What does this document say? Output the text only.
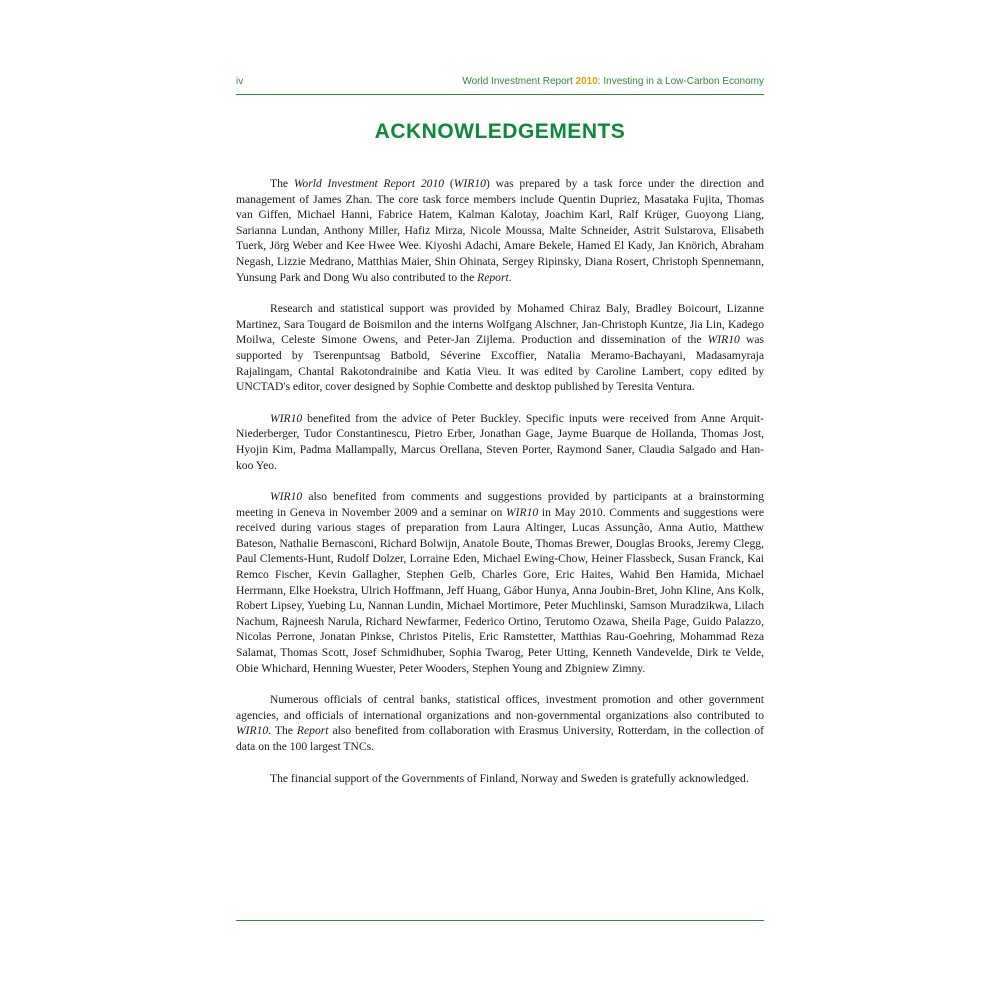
iv	World Investment Report 2010: Investing in a Low-Carbon Economy
ACKNOWLEDGEMENTS

The World Investment Report 2010 (WIR10) was prepared by a task force under the direction and management of James Zhan. The core task force members include Quentin Dupriez, Masataka Fujita, Thomas van Giffen, Michael Hanni, Fabrice Hatem, Kalman Kalotay, Joachim Karl, Ralf Krüger, Guoyong Liang, Sarianna Lundan, Anthony Miller, Hafiz Mirza, Nicole Moussa, Malte Schneider, Astrit Sulstarova, Elisabeth Tuerk, Jörg Weber and Kee Hwee Wee. Kiyoshi Adachi, Amare Bekele, Hamed El Kady, Jan Knörich, Abraham Negash, Lizzie Medrano, Matthias Maier, Shin Ohinata, Sergey Ripinsky, Diana Rosert, Christoph Spennemann, Yunsung Park and Dong Wu also contributed to the Report.

Research and statistical support was provided by Mohamed Chiraz Baly, Bradley Boicourt, Lizanne Martinez, Sara Tougard de Boismilon and the interns Wolfgang Alschner, Jan-Christoph Kuntze, Jia Lin, Kadego Moilwa, Celeste Simone Owens, and Peter-Jan Zijlema. Production and dissemination of the WIR10 was supported by Tserenpuntsag Batbold, Séverine Excoffier, Natalia Meramo-Bachayani, Madasamyraja Rajalingam, Chantal Rakotondrainibe and Katia Vieu. It was edited by Caroline Lambert, copy edited by UNCTAD's editor, cover designed by Sophie Combette and desktop published by Teresita Ventura.

WIR10 benefited from the advice of Peter Buckley. Specific inputs were received from Anne Arquit-Niederberger, Tudor Constantinescu, Pietro Erber, Jonathan Gage, Jayme Buarque de Hollanda, Thomas Jost, Hyojin Kim, Padma Mallampally, Marcus Orellana, Steven Porter, Raymond Saner, Claudia Salgado and Han-koo Yeo.

WIR10 also benefited from comments and suggestions provided by participants at a brainstorming meeting in Geneva in November 2009 and a seminar on WIR10 in May 2010. Comments and suggestions were received during various stages of preparation from Laura Altinger, Lucas Assunção, Anna Autio, Matthew Bateson, Nathalie Bernasconi, Richard Bolwijn, Anatole Boute, Thomas Brewer, Douglas Brooks, Jeremy Clegg, Paul Clements-Hunt, Rudolf Dolzer, Lorraine Eden, Michael Ewing-Chow, Heiner Flassbeck, Susan Franck, Kai Remco Fischer, Kevin Gallagher, Stephen Gelb, Charles Gore, Eric Haites, Wahid Ben Hamida, Michael Herrmann, Elke Hoekstra, Ulrich Hoffmann, Jeff Huang, Gábor Hunya, Anna Joubin-Bret, John Kline, Ans Kolk, Robert Lipsey, Yuebing Lu, Nannan Lundin, Michael Mortimore, Peter Muchlinski, Samson Muradzikwa, Lilach Nachum, Rajneesh Narula, Richard Newfarmer, Federico Ortino, Terutomo Ozawa, Sheila Page, Guido Palazzo, Nicolas Perrone, Jonatan Pinkse, Christos Pitelis, Eric Ramstetter, Matthias Rau-Goehring, Mohammad Reza Salamat, Thomas Scott, Josef Schmidhuber, Sophia Twarog, Peter Utting, Kenneth Vandevelde, Dirk te Velde, Obie Whichard, Henning Wuester, Peter Wooders, Stephen Young and Zbigniew Zimny.

Numerous officials of central banks, statistical offices, investment promotion and other government agencies, and officials of international organizations and non-governmental organizations also contributed to WIR10. The Report also benefited from collaboration with Erasmus University, Rotterdam, in the collection of data on the 100 largest TNCs.

The financial support of the Governments of Finland, Norway and Sweden is gratefully acknowledged.
